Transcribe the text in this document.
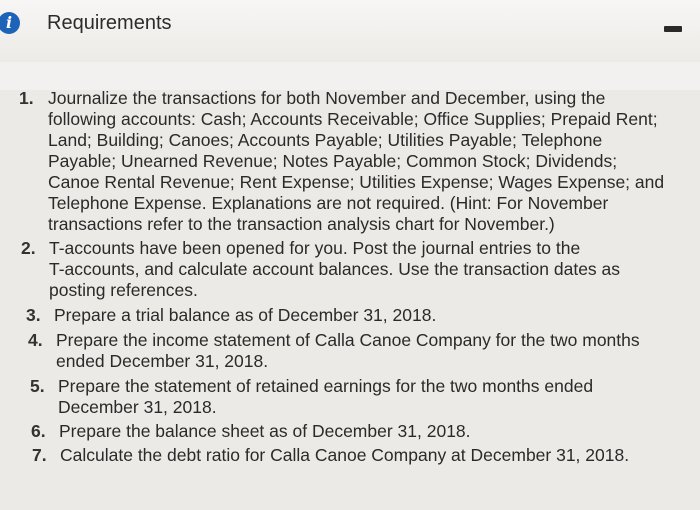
i	Requirements
1. Journalize the transactions for both November and December, using the
following accounts: Cash; Accounts Receivable; Office Supplies; Prepaid Rent;
Land; Building; Canoes; Accounts Payable; Utilities Payable; Telephone
Payable; Unearned Revenue; Notes Payable; Common Stock; Dividends;
Canoe Rental Revenue; Rent Expense; Utilities Expense; Wages Expense; and
Telephone Expense. Explanations are not required. (Hint: For November
transactions refer to the transaction analysis chart for November.)
2. T-accounts have been opened for you. Post the journal entries to the
T-accounts, and calculate account balances. Use the transaction dates as
posting references.
3. Prepare a trial balance as of December 31, 2018.
4. Prepare the income statement of Calla Canoe Company for the two months
ended December 31, 2018.
5. Prepare the statement of retained earnings for the two months ended
December 31, 2018.
6. Prepare the balance sheet as of December 31, 2018.
7. Calculate the debt ratio for Calla Canoe Company at December 31, 2018.
